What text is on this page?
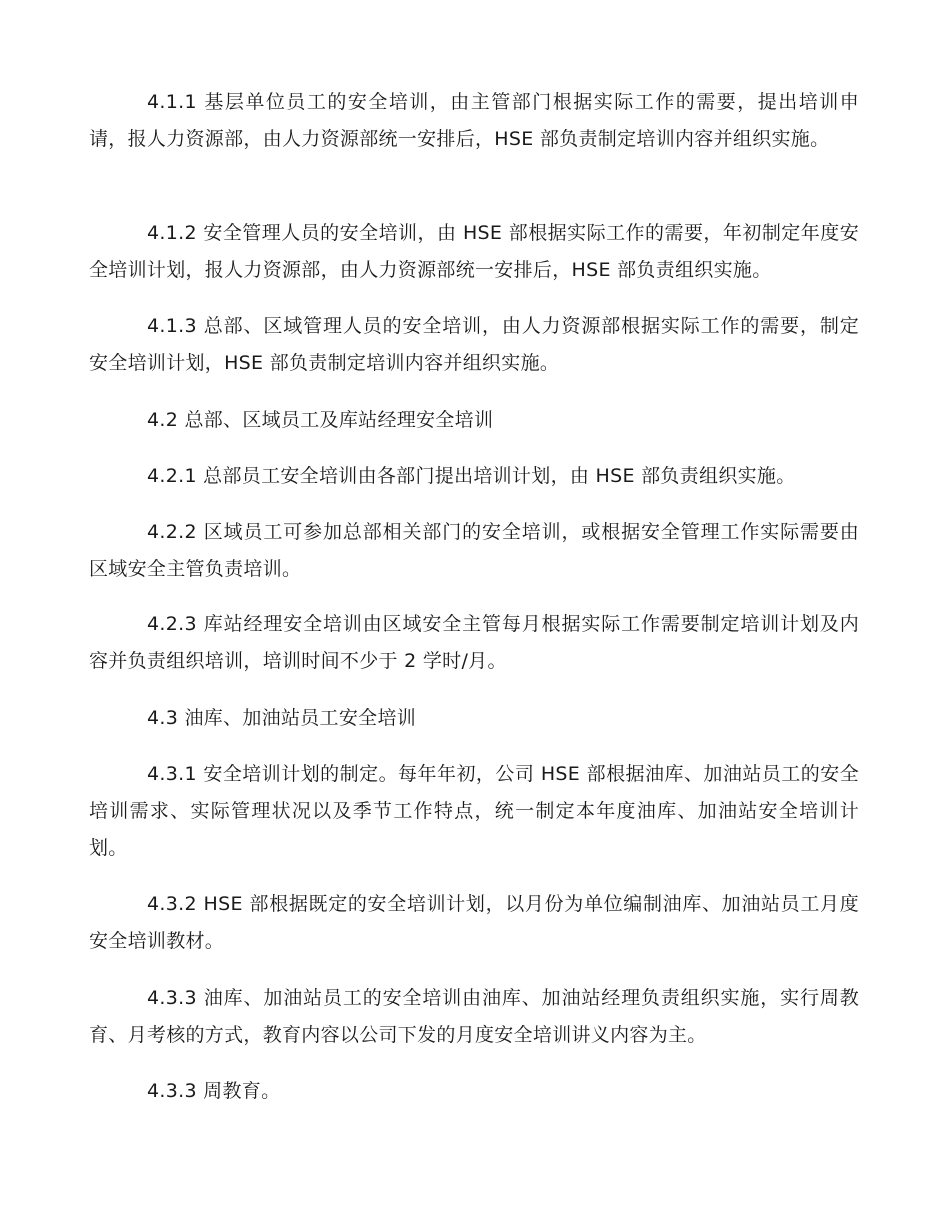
4.1.1 基层单位员工的安全培训，由主管部门根据实际工作的需要，提出培训申请，报人力资源部，由人力资源部统一安排后，HSE 部负责制定培训内容并组织实施。

4.1.2 安全管理人员的安全培训，由 HSE 部根据实际工作的需要，年初制定年度安全培训计划，报人力资源部，由人力资源部统一安排后，HSE 部负责组织实施。

4.1.3 总部、区域管理人员的安全培训，由人力资源部根据实际工作的需要，制定安全培训计划，HSE 部负责制定培训内容并组织实施。

4.2 总部、区域员工及库站经理安全培训

4.2.1 总部员工安全培训由各部门提出培训计划，由 HSE 部负责组织实施。

4.2.2 区域员工可参加总部相关部门的安全培训，或根据安全管理工作实际需要由区域安全主管负责培训。

4.2.3 库站经理安全培训由区域安全主管每月根据实际工作需要制定培训计划及内容并负责组织培训，培训时间不少于 2 学时/月。

4.3 油库、加油站员工安全培训

4.3.1 安全培训计划的制定。每年年初，公司 HSE 部根据油库、加油站员工的安全培训需求、实际管理状况以及季节工作特点，统一制定本年度油库、加油站安全培训计划。

4.3.2 HSE 部根据既定的安全培训计划，以月份为单位编制油库、加油站员工月度安全培训教材。

4.3.3 油库、加油站员工的安全培训由油库、加油站经理负责组织实施，实行周教育、月考核的方式，教育内容以公司下发的月度安全培训讲义内容为主。

4.3.3 周教育。
